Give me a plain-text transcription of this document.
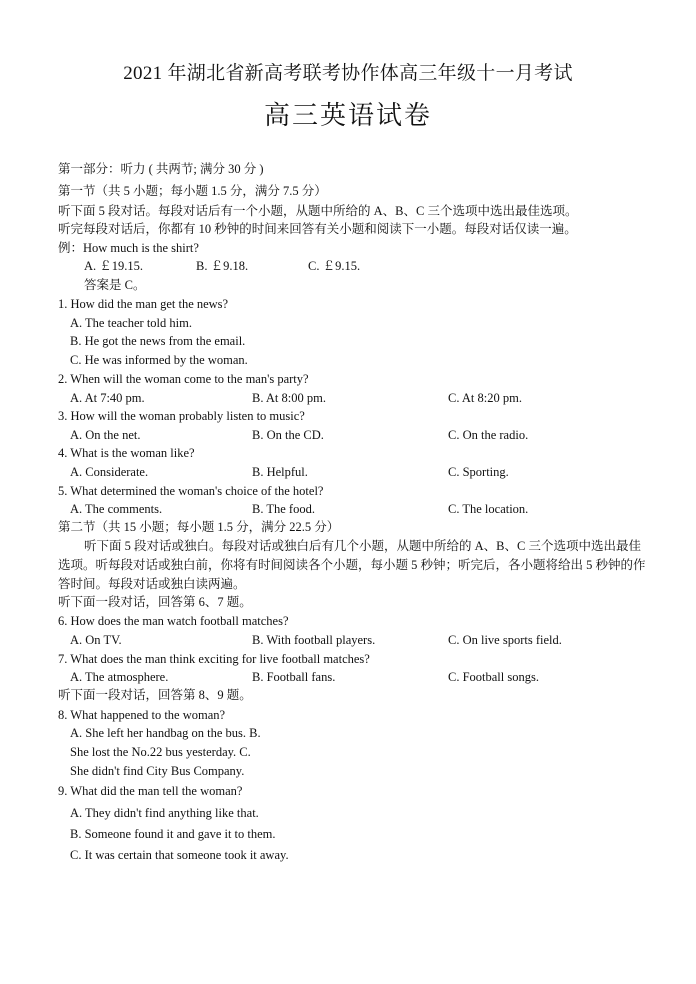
2021 年湖北省新高考联考协作体高三年级十一月考试
高三英语试卷
第一部分：听力 ( 共两节; 满分 30 分 )
第一节（共 5 小题；每小题 1.5 分，满分 7.5 分）
听下面 5 段对话。每段对话后有一个小题，从题中所给的 A、B、C 三个选项中选出最佳选项。
听完每段对话后，你都有 10 秒钟的时间来回答有关小题和阅读下一小题。每段对话仅读一遍。
例：How much is the shirt?
A. ￡19.15.	B. ￡9.18.	C. ￡9.15.
答案是 C。
1. How did the man get the news?
A. The teacher told him.
B. He got the news from the email.
C. He was informed by the woman.
2. When will the woman come to the man's party?
A. At 7:40 pm.	B. At 8:00 pm.	C. At 8:20 pm.
3. How will the woman probably listen to music?
A. On the net.	B. On the CD.	C. On the radio.
4. What is the woman like?
A. Considerate.	B. Helpful.	C. Sporting.
5. What determined the woman's choice of the hotel?
A. The comments.	B. The food.	C. The location.
第二节（共 15 小题；每小题 1.5 分，满分 22.5 分）
听下面 5 段对话或独白。每段对话或独白后有几个小题，从题中所给的 A、B、C 三个选项中选出最佳选项。听每段对话或独白前，你将有时间阅读各个小题，每小题 5 秒钟；听完后，各小题将给出 5 秒钟的作答时间。每段对话或独白读两遍。
听下面一段对话，回答第 6、7 题。
6. How does the man watch football matches?
A. On TV.	B. With football players.	C. On live sports field.
7. What does the man think exciting for live football matches?
A. The atmosphere.	B. Football fans.	C. Football songs.
听下面一段对话，回答第 8、9 题。
8. What happened to the woman?
A. She left her handbag on the bus. B.
She lost the No.22 bus yesterday. C.
She didn't find City Bus Company.
9. What did the man tell the woman?
A. They didn't find anything like that.
B. Someone found it and gave it to them.
C. It was certain that someone took it away.
